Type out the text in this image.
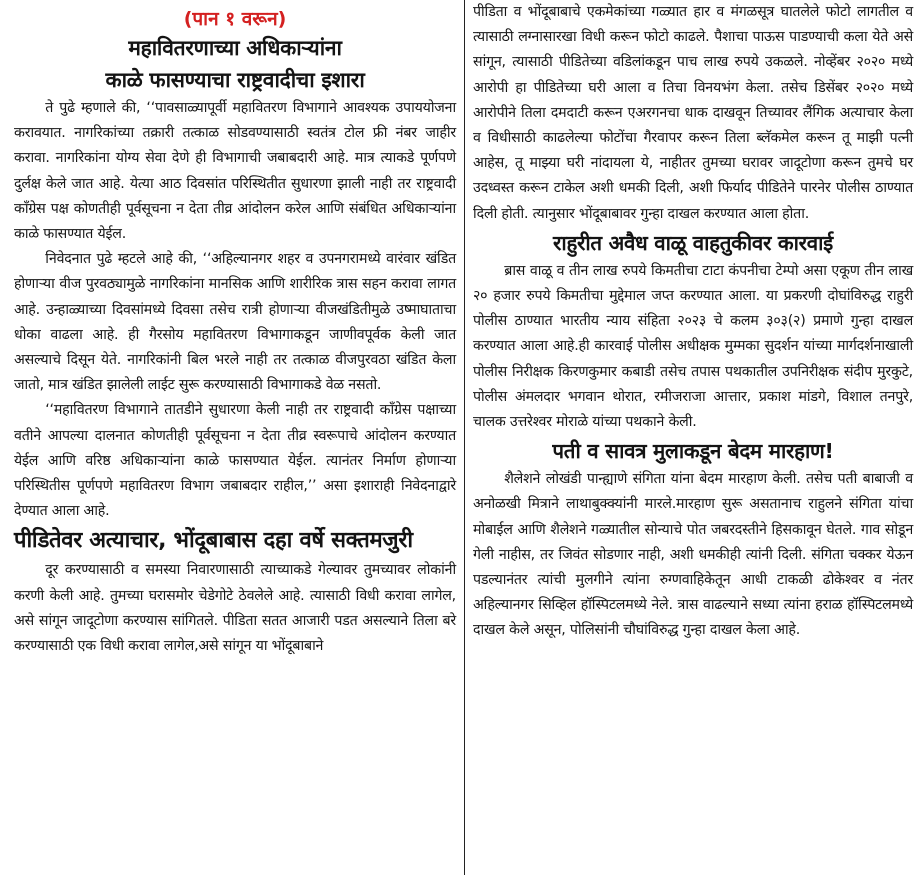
(पान १ वरून)
महावितरणाच्या अधिकाऱ्यांना
काळे फासण्याचा राष्ट्रवादीचा इशारा

ते पुढे म्हणाले की, ‘‘पावसाळ्यापूर्वी महावितरण विभागाने आवश्यक उपाययोजना करावयात. नागरिकांच्या तक्रारी तत्काळ सोडवण्यासाठी स्वतंत्र टोल फ्री नंबर जाहीर करावा. नागरिकांना योग्य सेवा देणे ही विभागाची जबाबदारी आहे. मात्र त्याकडे पूर्णपणे दुर्लक्ष केले जात आहे. येत्या आठ दिवसांत परिस्थितीत सुधारणा झाली नाही तर राष्ट्रवादी कॉंग्रेस पक्ष कोणतीही पूर्वसूचना न देता तीव्र आंदोलन करेल आणि संबंधित अधिकाऱ्यांना काळे फासण्यात येईल.

निवेदनात पुढे म्हटले आहे की, ‘‘अहिल्यानगर शहर व उपनगरामध्ये वारंवार खंडित होणाऱ्या वीज पुरवठ्यामुळे नागरिकांना मानसिक आणि शारीरिक त्रास सहन करावा लागत आहे. उन्हाळ्याच्या दिवसांमध्ये दिवसा तसेच रात्री होणाऱ्या वीजखंडितीमुळे उष्माघाताचा धोका वाढला आहे. ही गैरसोय महावितरण विभागाकडून जाणीवपूर्वक केली जात असल्याचे दिसून येते. नागरिकांनी बिल भरले नाही तर तत्काळ वीजपुरवठा खंडित केला जातो, मात्र खंडित झालेली लाईट सुरू करण्यासाठी विभागाकडे वेळ नसतो.

‘‘महावितरण विभागाने तातडीने सुधारणा केली नाही तर राष्ट्रवादी कॉंग्रेस पक्षाच्या वतीने आपल्या दालनात कोणतीही पूर्वसूचना न देता तीव्र स्वरूपाचे आंदोलन करण्यात येईल आणि वरिष्ठ अधिकाऱ्यांना काळे फासण्यात येईल. त्यानंतर निर्माण होणाऱ्या परिस्थितीस पूर्णपणे महावितरण विभाग जबाबदार राहील,’’ असा इशाराही निवेदनाद्वारे देण्यात आला आहे.

पीडितेवर अत्याचार, भोंदूबाबास दहा वर्षे सक्तमजुरी

दूर करण्यासाठी व समस्या निवारणासाठी त्याच्याकडे गेल्यावर तुमच्यावर लोकांनी करणी केली आहे. तुमच्या घरासमोर चेडेगोटे ठेवलेले आहे. त्यासाठी विधी करावा लागेल, असे सांगून जादूटोणा करण्यास सांगितले. पीडिता सतत आजारी पडत असल्याने तिला बरे करण्यासाठी एक विधी करावा लागेल,असे सांगून या भोंदूबाबाने

पीडिता व भोंदूबाबाचे एकमेकांच्या गळ्यात हार व मंगळसूत्र घातलेले फोटो लागतील व त्यासाठी लग्नासारखा विधी करून फोटो काढले. पैशाचा पाऊस पाडण्याची कला येते असे सांगून, त्यासाठी पीडितेच्या वडिलांकडून पाच लाख रुपये उकळले. नोव्हेंबर २०२० मध्ये आरोपी हा पीडितेच्या घरी आला व तिचा विनयभंग केला. तसेच डिसेंबर २०२० मध्ये आरोपीने तिला दमदाटी करून एअरगनचा धाक दाखवून तिच्यावर लैंगिक अत्याचार केला व विधीसाठी काढलेल्या फोटोंचा गैरवापर करून तिला ब्लॅकमेल करून तू माझी पत्नी आहेस, तू माझ्या घरी नांदायला ये, नाहीतर तुमच्या घरावर जादूटोणा करून तुमचे घर उदध्वस्त करून टाकेल अशी धमकी दिली, अशी फिर्याद पीडितेने पारनेर पोलीस ठाण्यात दिली होती. त्यानुसार भोंदूबाबावर गुन्हा दाखल करण्यात आला होता.

राहुरीत अवैध वाळू वाहतुकीवर कारवाई

ब्रास वाळू व तीन लाख रुपये किमतीचा टाटा कंपनीचा टेम्पो असा एकूण तीन लाख २० हजार रुपये किमतीचा मुद्देमाल जप्त करण्यात आला. या प्रकरणी दोघांविरुद्ध राहुरी पोलीस ठाण्यात भारतीय न्याय संहिता २०२३ चे कलम ३०३(२) प्रमाणे गुन्हा दाखल करण्यात आला आहे.ही कारवाई पोलीस अधीक्षक मुम्मका सुदर्शन यांच्या मार्गदर्शनाखाली पोलीस निरीक्षक किरणकुमार कबाडी तसेच तपास पथकातील उपनिरीक्षक संदीप मुरकुटे, पोलीस अंमलदार भगवान थोरात, रमीजराजा आत्तार, प्रकाश मांडगे, विशाल तनपुरे, चालक उत्तरेश्वर मोराळे यांच्या पथकाने केली.

पती व सावत्र मुलाकडून बेदम मारहाण!

शैलेशने लोखंडी पान्ह्याणे संगिता यांना बेदम मारहाण केली. तसेच पती बाबाजी व अनोळखी मित्राने लाथाबुक्क्यांनी मारले.मारहाण सुरू असतानाच राहुलने संगिता यांचा मोबाईल आणि शैलेशने गळ्यातील सोन्याचे पोत जबरदस्तीने हिसकावून घेतले. गाव सोडून गेली नाहीस, तर जिवंत सोडणार नाही, अशी धमकीही त्यांनी दिली. संगिता चक्कर येऊन पडल्यानंतर त्यांची मुलगीने त्यांना रुग्णवाहिकेतून आधी टाकळी ढोकेश्वर व नंतर अहिल्यानगर सिव्हिल हॉस्पिटलमध्ये नेले. त्रास वाढल्याने सध्या त्यांना हराळ हॉस्पिटलमध्ये दाखल केले असून, पोलिसांनी चौघांविरुद्ध गुन्हा दाखल केला आहे.
